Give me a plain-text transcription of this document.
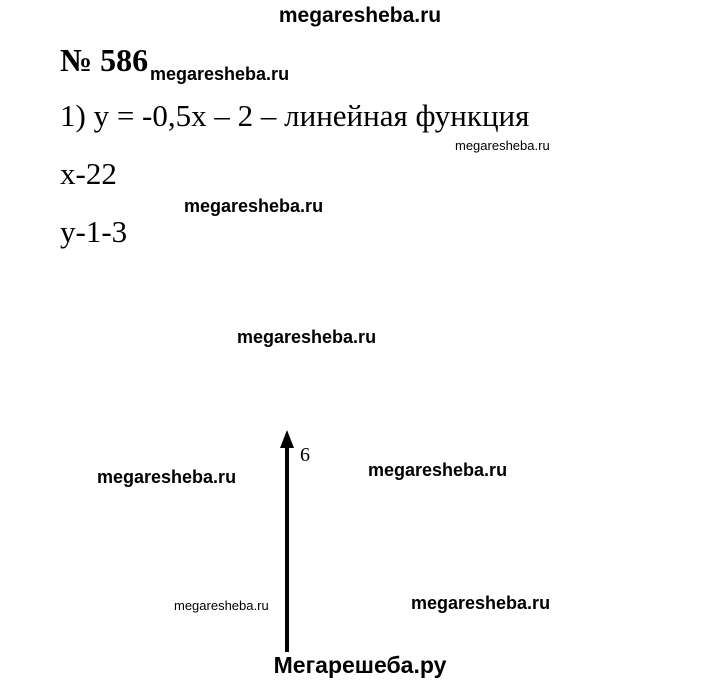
megaresheba.ru
№ 586 megaresheba.ru
1) у = -0,5х – 2 – линейная функция
megaresheba.ru
х-22
у-1-3
megaresheba.ru
megaresheba.ru
6
megaresheba.ru	megaresheba.ru
megaresheba.ru	megaresheba.ru
Мегарешеба.ру
